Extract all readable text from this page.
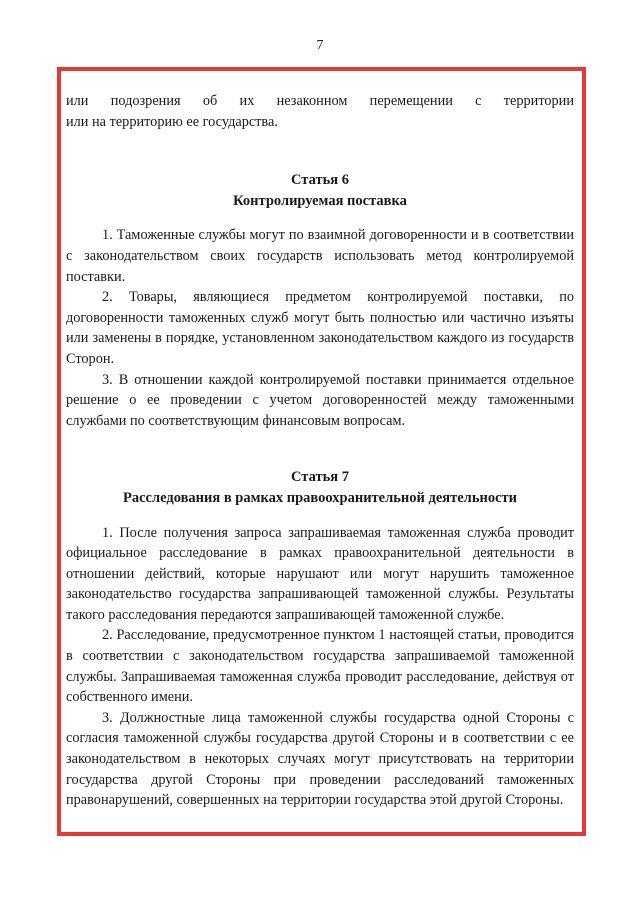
7

или подозрения об их незаконном перемещении с территории
или на территорию ее государства.

Статья 6
Контролируемая поставка

1. Таможенные службы могут по взаимной договоренности и в соответствии с законодательством своих государств использовать метод контролируемой поставки.

2. Товары, являющиеся предметом контролируемой поставки, по договоренности таможенных служб могут быть полностью или частично изъяты или заменены в порядке, установленном законодательством каждого из государств Сторон.

3. В отношении каждой контролируемой поставки принимается отдельное решение о ее проведении с учетом договоренностей между таможенными службами по соответствующим финансовым вопросам.

Статья 7
Расследования в рамках правоохранительной деятельности

1. После получения запроса запрашиваемая таможенная служба проводит официальное расследование в рамках правоохранительной деятельности в отношении действий, которые нарушают или могут нарушить таможенное законодательство государства запрашивающей таможенной службы. Результаты такого расследования передаются запрашивающей таможенной службе.

2. Расследование, предусмотренное пунктом 1 настоящей статьи, проводится в соответствии с законодательством государства запрашиваемой таможенной службы. Запрашиваемая таможенная служба проводит расследование, действуя от собственного имени.

3. Должностные лица таможенной службы государства одной Стороны с согласия таможенной службы государства другой Стороны и в соответствии с ее законодательством в некоторых случаях могут присутствовать на территории государства другой Стороны при проведении расследований таможенных правонарушений, совершенных на территории государства этой другой Стороны.
